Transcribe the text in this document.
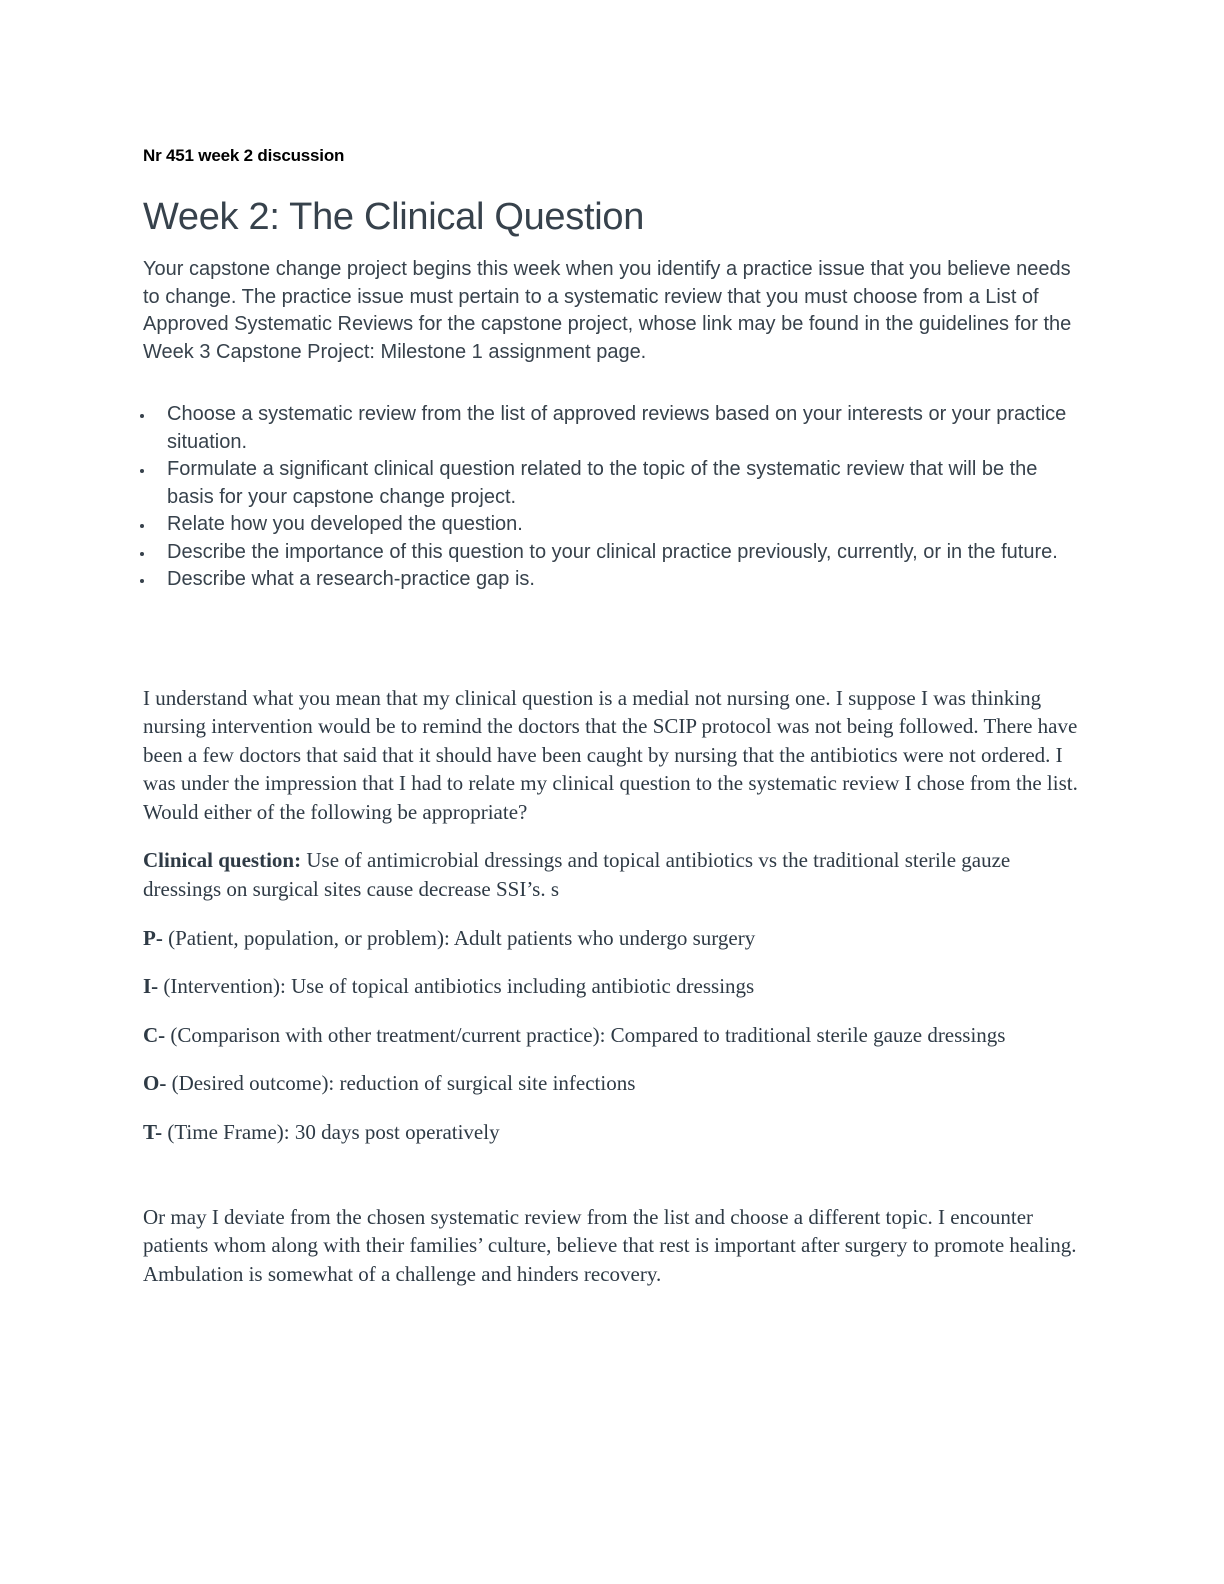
Nr 451 week 2 discussion
Week 2: The Clinical Question

Your capstone change project begins this week when you identify a practice issue that you believe needs to change. The practice issue must pertain to a systematic review that you must choose from a List of Approved Systematic Reviews for the capstone project, whose link may be found in the guidelines for the Week 3 Capstone Project: Milestone 1 assignment page.

• Choose a systematic review from the list of approved reviews based on your interests or your practice situation.
• Formulate a significant clinical question related to the topic of the systematic review that will be the basis for your capstone change project.
• Relate how you developed the question.
• Describe the importance of this question to your clinical practice previously, currently, or in the future.
• Describe what a research-practice gap is.

I understand what you mean that my clinical question is a medial not nursing one. I suppose I was thinking nursing intervention would be to remind the doctors that the SCIP protocol was not being followed. There have been a few doctors that said that it should have been caught by nursing that the antibiotics were not ordered. I was under the impression that I had to relate my clinical question to the systematic review I chose from the list. Would either of the following be appropriate?

Clinical question: Use of antimicrobial dressings and topical antibiotics vs the traditional sterile gauze dressings on surgical sites cause decrease SSI’s. s

P- (Patient, population, or problem): Adult patients who undergo surgery

I- (Intervention): Use of topical antibiotics including antibiotic dressings

C- (Comparison with other treatment/current practice): Compared to traditional sterile gauze dressings

O- (Desired outcome): reduction of surgical site infections

T- (Time Frame): 30 days post operatively

Or may I deviate from the chosen systematic review from the list and choose a different topic. I encounter patients whom along with their families’ culture, believe that rest is important after surgery to promote healing. Ambulation is somewhat of a challenge and hinders recovery.
